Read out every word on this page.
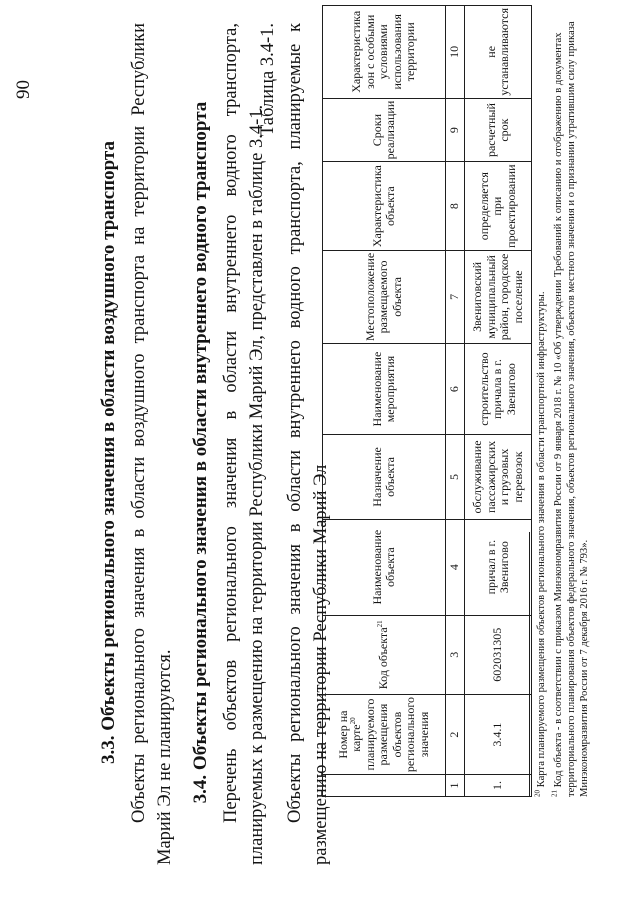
90
3.3. Объекты регионального значения в области воздушного транспорта Объекты регионального значения в области воздушного транспорта на территории Республики Марий Эл не планируются. 3.4. Объекты регионального значения в области внутреннего водного транспорта Перечень объектов регионального значения в области внутреннего водного транспорта, планируемых к размещению на территории Республики Марий Эл, представлен в таблице 3.4-1.
Таблица 3.4-1. Объекты регионального значения в области внутреннего водного транспорта, планируемые к размещению на территории Республики Марий Эл
	Номер на карте$^{20}$ планируемого размещения объектов регионального значения	Код объекта$^{21}$	Наименование объекта	Назначение объекта	Наименование мероприятия	Местоположение размещаемого объекта	Характеристика объекта	Сроки реализации	Характеристика зон с особыми условиями использования территории
1	2	3	4	5	6	7	8	9	10
1.	3.4.1	602031305	причал в г. Звенигово	обслуживание пассажирских и грузовых перевозок	строительство причала в г. Звенигово	Звениговский муниципальный район, городское поселение	определяется при проектировании	расчетный срок	не устанавливаются
$^{20}$ Карта планируемого размещения объектов регионального значения в области транспортной инфраструктуры.
$^{21}$ Код объекта - в соответствии с приказом Минэкономразвития России от 9 января 2018 г. № 10 «Об утверждении Требований к описанию и отображению в документах территориального планирования объектов федерального значения, объектов регионального значения, объектов местного значения и о признании утратившим силу приказа Минэкономразвития России от 7 декабря 2016 г. № 793».
